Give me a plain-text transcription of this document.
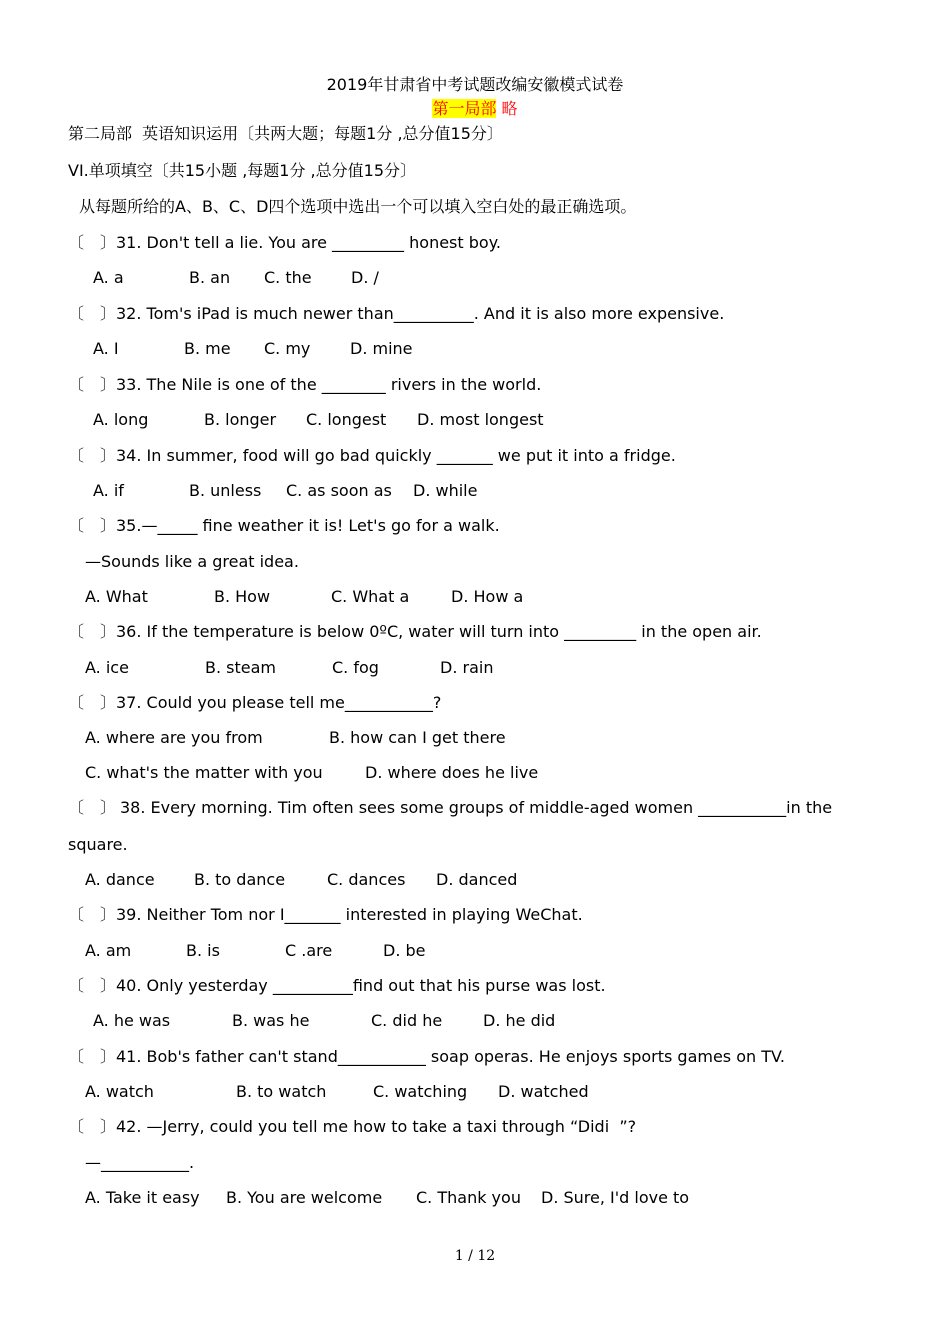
2019年甘肃省中考试题改编安徽模式试卷
第一局部 略
第二局部  英语知识运用〔共两大题；每题1分 ,总分值15分〕
VI.单项填空〔共15小题 ,每题1分 ,总分值15分〕
从每题所给的A、B、C、D四个选项中选出一个可以填入空白处的最正确选项。
〔　〕31. Don't tell a lie. You are _________ honest boy.

A. a

	B. an

C. the

D. /

〔　〕32. Tom's iPad is much newer than__________. And it is also more expensive.

A. I

	B. me

C. my

D. mine

〔　〕33. The Nile is one of the ________ rivers in the world.

A. long

	B. longer

C. longest

D. most longest

〔　〕34. In summer, food will go bad quickly _______ we put it into a fridge.

A. if

	B. unless

C. as soon as

D. while

〔　〕35.—_____ fine weather it is! Let's go for a walk.
—Sounds like a great idea.

A. What

	B. How

	C. What a

	D. How a

〔　〕36. If the temperature is below 0ºC, water will turn into _________ in the open air.

A. ice

	B. steam

	C. fog

	D. rain

〔　〕37. Could you please tell me___________?

A. where are you from

	B. how can I get there

C. what's the matter with you

	D. where does he live

〔　〕 38. Every morning. Tim often sees some groups of middle-aged women ___________in the
square.

A. dance

B. to dance

	C. dances

D. danced

〔　〕39. Neither Tom nor I_______ interested in playing WeChat.

A. am

	B. is

	C .are

	D. be

〔　〕40. Only yesterday __________find out that his purse was lost.

A. he was

	B. was he

	C. did he

	D. he did

〔　〕41. Bob's father can't stand___________ soap operas. He enjoys sports games on TV.

A. watch

	B. to watch

	C. watching

D. watched

〔　〕42. —Jerry, could you tell me how to take a taxi through “Didi  ”?
—___________.

A. Take it easy

B. You are welcome

C. Thank you

D. Sure, I'd love to

1 / 12
